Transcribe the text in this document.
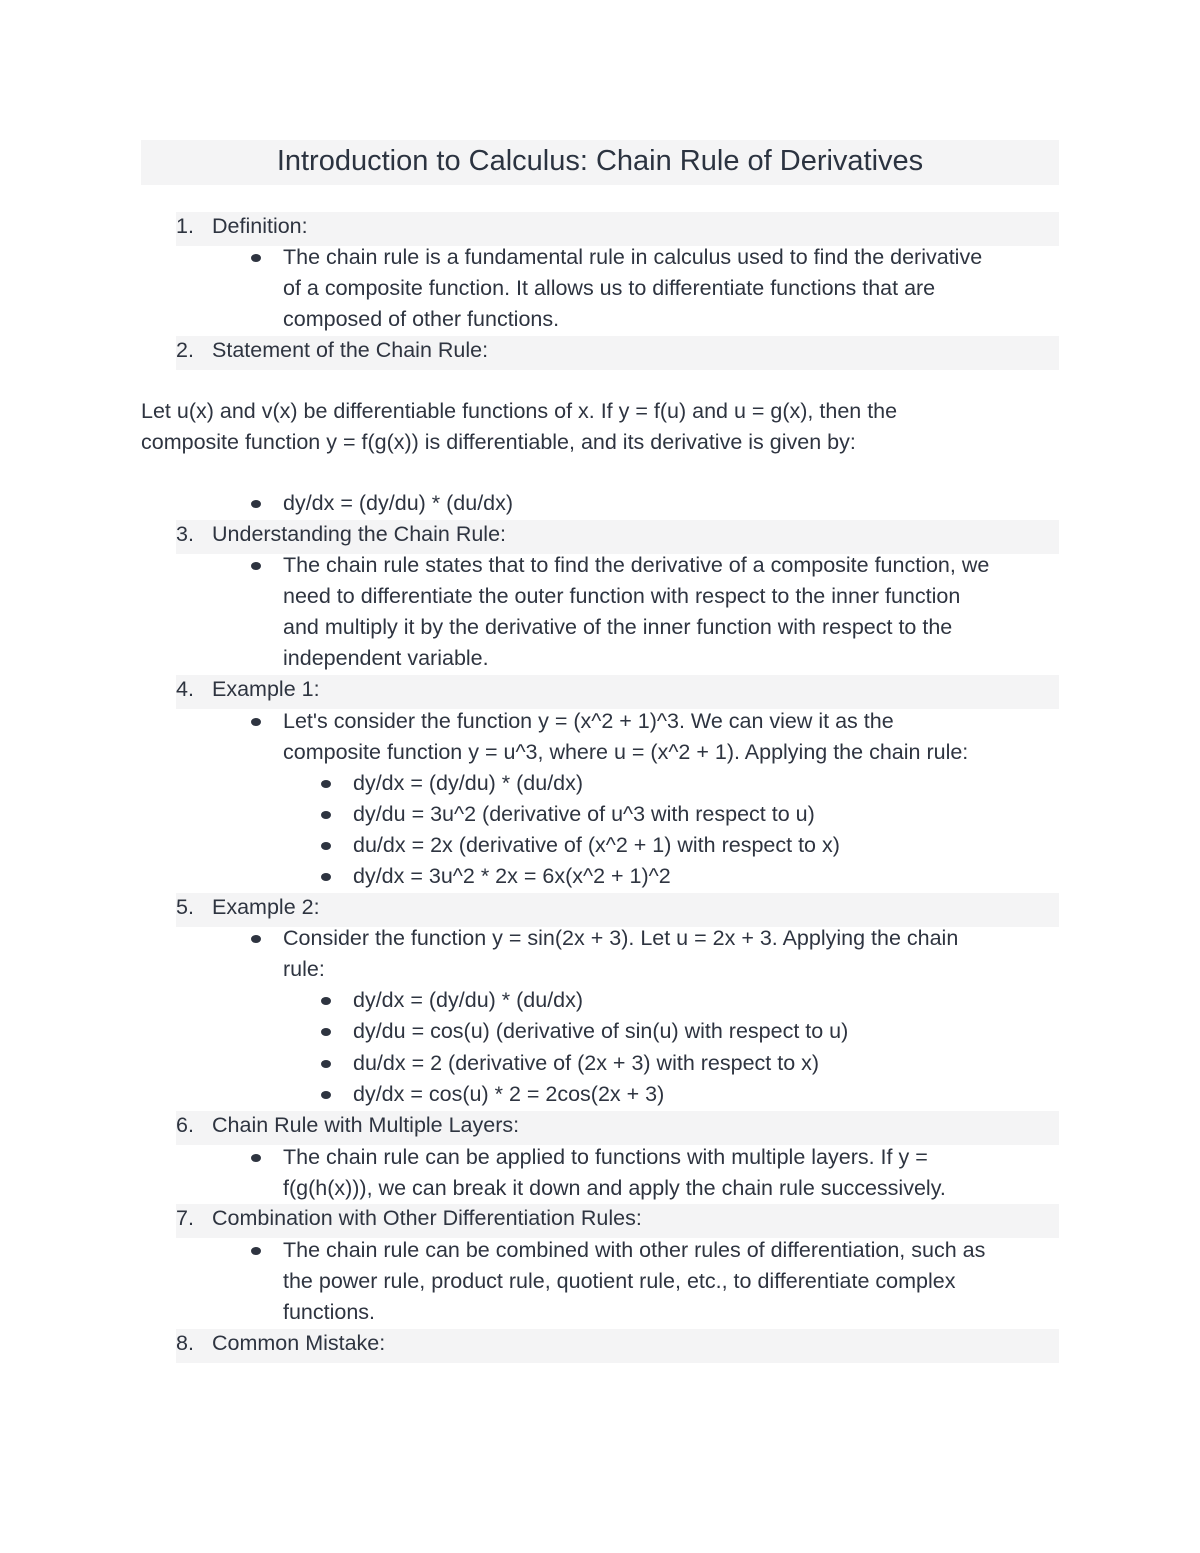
Introduction to Calculus: Chain Rule of Derivatives
1. Definition:
The chain rule is a fundamental rule in calculus used to find the derivative
of a composite function. It allows us to differentiate functions that are
composed of other functions.
2. Statement of the Chain Rule:
Let u(x) and v(x) be differentiable functions of x. If y = f(u) and u = g(x), then the
composite function y = f(g(x)) is differentiable, and its derivative is given by:
dy/dx = (dy/du) * (du/dx)
3. Understanding the Chain Rule:
The chain rule states that to find the derivative of a composite function, we
need to differentiate the outer function with respect to the inner function
and multiply it by the derivative of the inner function with respect to the
independent variable.
4. Example 1:
Let's consider the function y = (x^2 + 1)^3. We can view it as the
composite function y = u^3, where u = (x^2 + 1). Applying the chain rule:
dy/dx = (dy/du) * (du/dx)
dy/du = 3u^2 (derivative of u^3 with respect to u)
du/dx = 2x (derivative of (x^2 + 1) with respect to x)
dy/dx = 3u^2 * 2x = 6x(x^2 + 1)^2
5. Example 2:
Consider the function y = sin(2x + 3). Let u = 2x + 3. Applying the chain
rule:
dy/dx = (dy/du) * (du/dx)
dy/du = cos(u) (derivative of sin(u) with respect to u)
du/dx = 2 (derivative of (2x + 3) with respect to x)
dy/dx = cos(u) * 2 = 2cos(2x + 3)
6. Chain Rule with Multiple Layers:
The chain rule can be applied to functions with multiple layers. If y =
f(g(h(x))), we can break it down and apply the chain rule successively.
7. Combination with Other Differentiation Rules:
The chain rule can be combined with other rules of differentiation, such as
the power rule, product rule, quotient rule, etc., to differentiate complex
functions.
8. Common Mistake:
